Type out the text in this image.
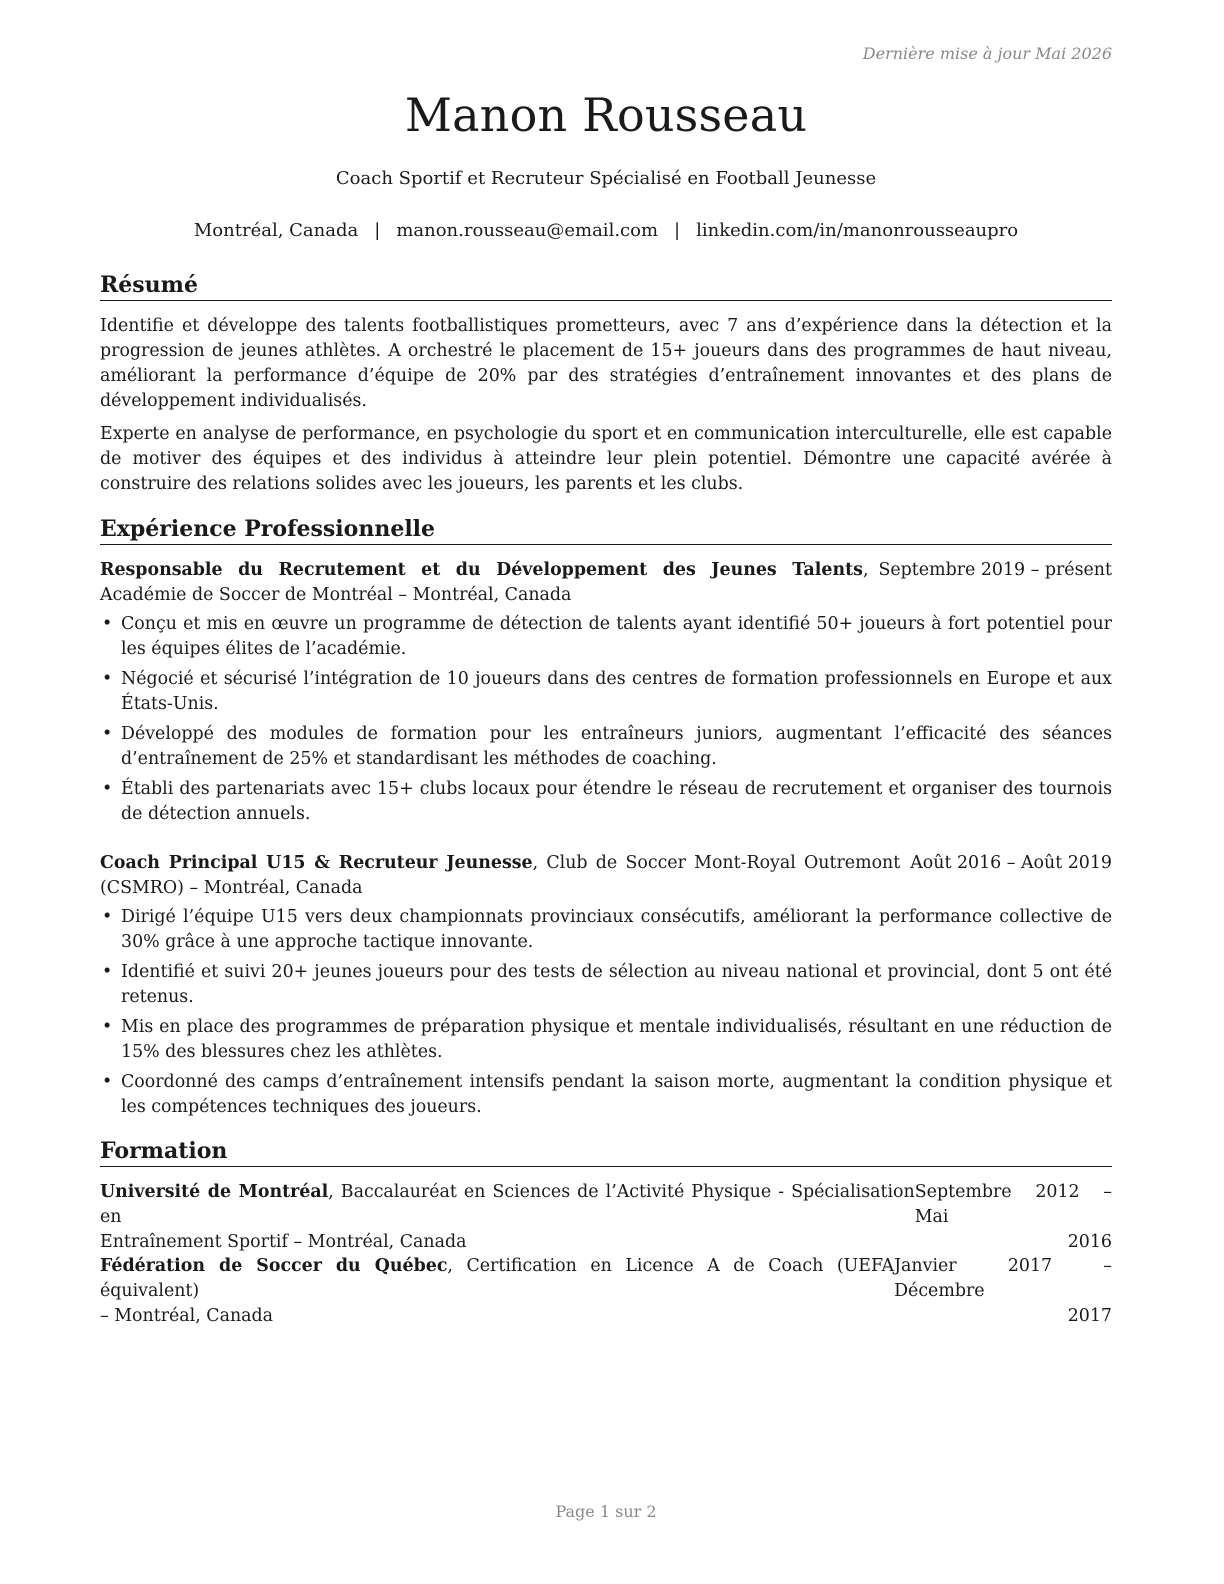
Dernière mise à jour Mai 2026
Manon Rousseau
Coach Sportif et Recruteur Spécialisé en Football Jeunesse
Montréal, Canada | manon.rousseau@email.com | linkedin.com/in/manonrousseaupro
Résumé

Identifie et développe des talents footballistiques prometteurs, avec 7 ans d’expérience dans la détection et la progression de jeunes athlètes. A orchestré le placement de 15+ joueurs dans des programmes de haut niveau, améliorant la performance d’équipe de 20% par des stratégies d’entraînement innovantes et des plans de développement individualisés.

Experte en analyse de performance, en psychologie du sport et en communication interculturelle, elle est capable de motiver des équipes et des individus à atteindre leur plein potentiel. Démontre une capacité avérée à construire des relations solides avec les joueurs, les parents et les clubs.

Expérience Professionnelle
Responsable du Recrutement et du Développement des Jeunes Talents, Académie de Soccer de Montréal – Montréal, Canada
Septembre 2019 – présent
• Conçu et mis en œuvre un programme de détection de talents ayant identifié 50+ joueurs à fort potentiel pour les équipes élites de l’académie.
• Négocié et sécurisé l’intégration de 10 joueurs dans des centres de formation professionnels en Europe et aux États-Unis.
• Développé des modules de formation pour les entraîneurs juniors, augmentant l’efficacité des séances d’entraînement de 25% et standardisant les méthodes de coaching.
• Établi des partenariats avec 15+ clubs locaux pour étendre le réseau de recrutement et organiser des tournois de détection annuels.
Coach Principal U15 & Recruteur Jeunesse, Club de Soccer Mont-Royal Outremont (CSMRO) – Montréal, Canada
Août 2016 – Août 2019
• Dirigé l’équipe U15 vers deux championnats provinciaux consécutifs, améliorant la performance collective de 30% grâce à une approche tactique innovante.
• Identifié et suivi 20+ jeunes joueurs pour des tests de sélection au niveau national et provincial, dont 5 ont été retenus.
• Mis en place des programmes de préparation physique et mentale individualisés, résultant en une réduction de 15% des blessures chez les athlètes.
• Coordonné des camps d’entraînement intensifs pendant la saison morte, augmentant la condition physique et les compétences techniques des joueurs.
Formation
Université de Montréal, Baccalauréat en Sciences de l’Activité Physique - Spécialisation en
Septembre 2012 – Mai
Entraînement Sportif – Montréal, Canada	2016
Fédération de Soccer du Québec, Certification en Licence A de Coach (UEFA équivalent)
Janvier 2017 – Décembre
– Montréal, Canada	2017
Page 1 sur 2
